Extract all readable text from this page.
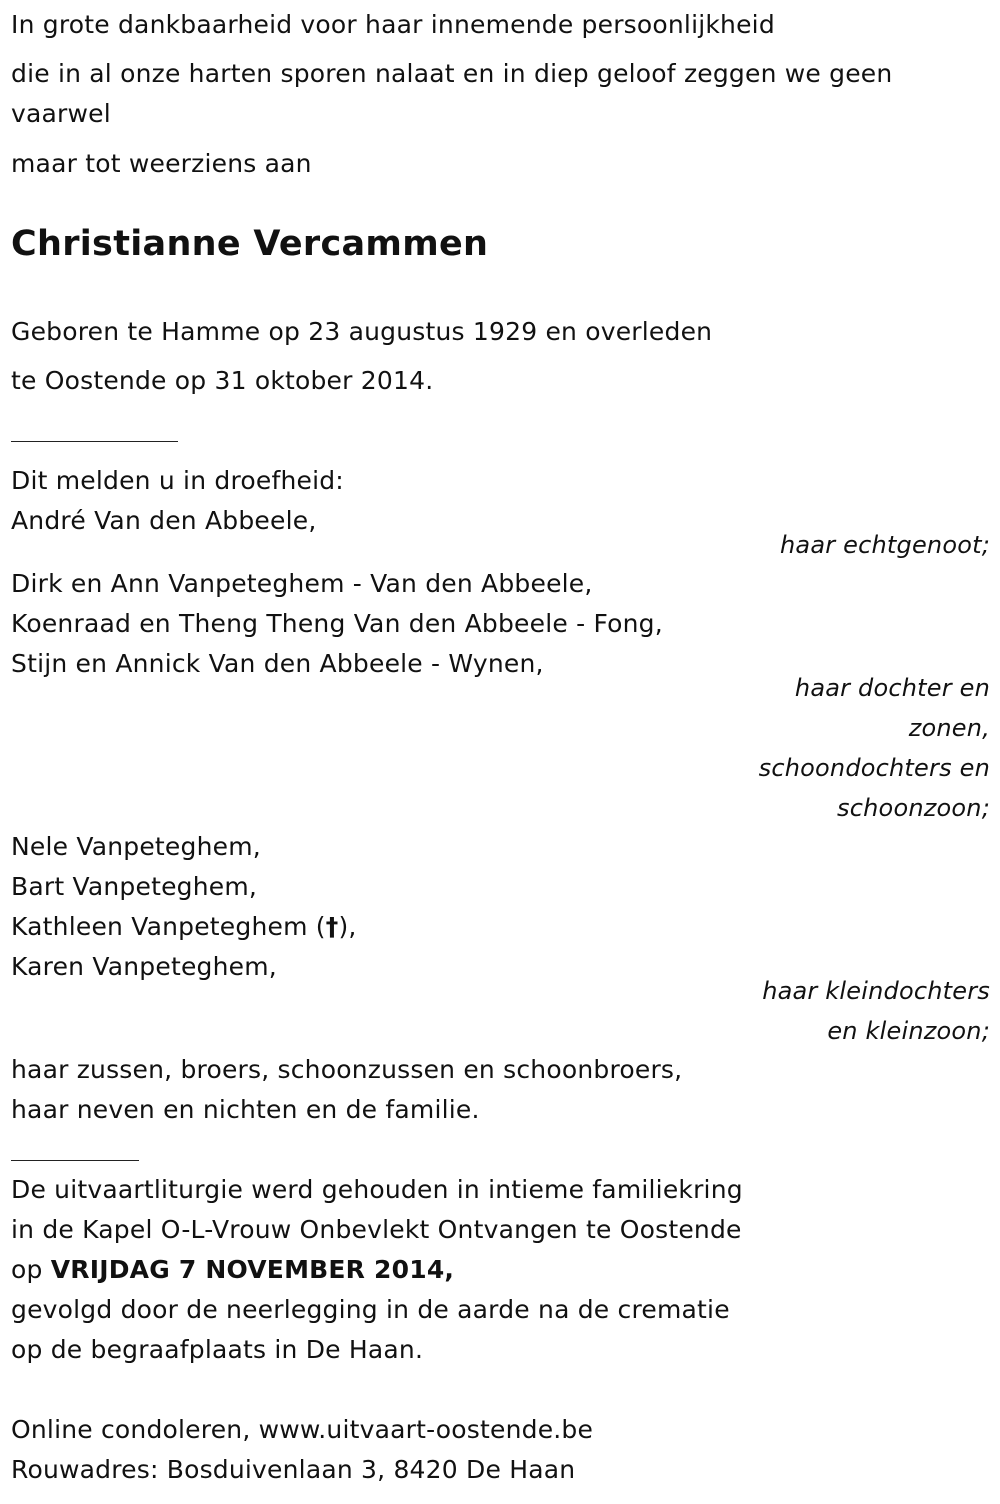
In grote dankbaarheid voor haar innemende persoonlijkheid
die in al onze harten sporen nalaat en in diep geloof zeggen we geen
vaarwel
maar tot weerziens aan
Christianne Vercammen
Geboren te Hamme op 23 augustus 1929 en overleden
te Oostende op 31 oktober 2014.
Dit melden u in droefheid:
André Van den Abbeele,
haar echtgenoot;
Dirk en Ann Vanpeteghem - Van den Abbeele,
Koenraad en Theng Theng Van den Abbeele - Fong,
Stijn en Annick Van den Abbeele - Wynen,
haar dochter en
zonen,
schoondochters en
schoonzoon;
Nele Vanpeteghem,
Bart Vanpeteghem,
Kathleen Vanpeteghem (†),
Karen Vanpeteghem,
haar kleindochters
en kleinzoon;
haar zussen, broers, schoonzussen en schoonbroers,
haar neven en nichten en de familie.
De uitvaartliturgie werd gehouden in intieme familiekring
in de Kapel O-L-Vrouw Onbevlekt Ontvangen te Oostende
op VRIJDAG 7 NOVEMBER 2014,
gevolgd door de neerlegging in de aarde na de crematie
op de begraafplaats in De Haan.
Online condoleren, www.uitvaart-oostende.be
Rouwadres: Bosduivenlaan 3, 8420 De Haan
